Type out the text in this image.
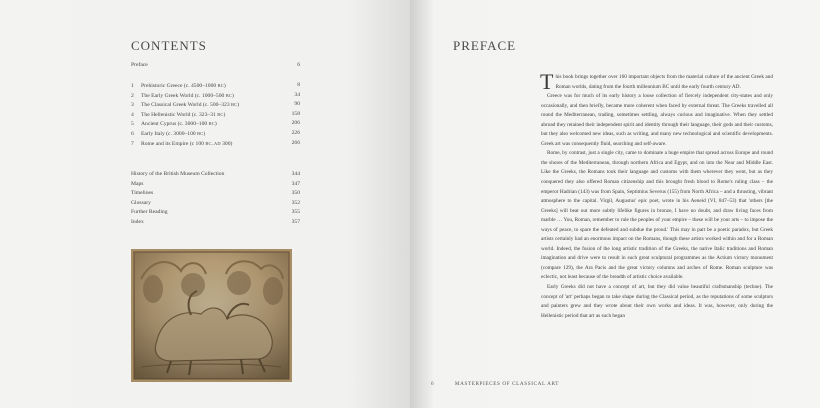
CONTENTS
Preface	6
1 Prehistoric Greece (c. 4500–1000 BC)	8
2 The Early Greek World (c. 1000–500 BC)	34
3 The Classical Greek World (c. 500–323 BC)	90
4 The Hellenistic World (c. 323–31 BC)	158
5 Ancient Cyprus (c. 3000–100 BC)	206
6 Early Italy (c. 3000–100 BC)	226
7 Rome and its Empire (c 100 BC–AD 300)	266
History of the British Museum Collection	344
Maps	347
Timelines	350
Glossary	352
Further Reading	355
Index	357
PREFACE

This book brings together over 160 important objects from the material culture of the ancient Greek and Roman worlds, dating from the fourth millennium BC until the early fourth century AD.

Greece was for much of its early history a loose collection of fiercely independent city-states and only occasionally, and then briefly, became more coherent when faced by external threat. The Greeks travelled all round the Mediterranean, trading, sometimes settling, always curious and imaginative. When they settled abroad they retained their independent spirit and identity through their language, their gods and their customs, but they also welcomed new ideas, such as writing, and many new technological and scientific developments. Greek art was consequently fluid, searching and self-aware.

Rome, by contrast, just a single city, came to dominate a huge empire that spread across Europe and round the shores of the Mediterranean, through northern Africa and Egypt, and on into the Near and Middle East. Like the Greeks, the Romans took their language and customs with them wherever they went, but as they conquered they also offered Roman citizenship and this brought fresh blood to Rome's ruling class – the emperor Hadrian (143) was from Spain, Septimius Severus (155) from North Africa – and a thrusting, vibrant atmosphere to the capital. Virgil, Augustus' epic poet, wrote in his Aeneid (VI, 847–53) that 'others [the Greeks] will beat out more subtly lifelike figures in bronze, I have no doubt, and draw living faces from marble … You, Roman, remember to rule the peoples of your empire – these will be your arts – to impose the ways of peace, to spare the defeated and subdue the proud.' This may in part be a poetic paradox, but Greek artists certainly had an enormous impact on the Romans, though these artists worked within and for a Roman world. Indeed, the fusion of the long artistic tradition of the Greeks, the native Italic traditions and Roman imagination and drive were to result in such great sculptural programmes as the Actium victory monument (compare 129), the Ara Pacis and the great victory columns and arches of Rome. Roman sculpture was eclectic, not least because of the breadth of artistic choice available.

Early Greeks did not have a concept of art, but they did value beautiful craftsmanship (techne). The concept of 'art' perhaps began to take shape during the Classical period, as the reputations of some sculptors and painters grew and they wrote about their own works and ideas. It was, however, only during the Hellenistic period that art as such began

6	MASTERPIECES OF CLASSICAL ART
